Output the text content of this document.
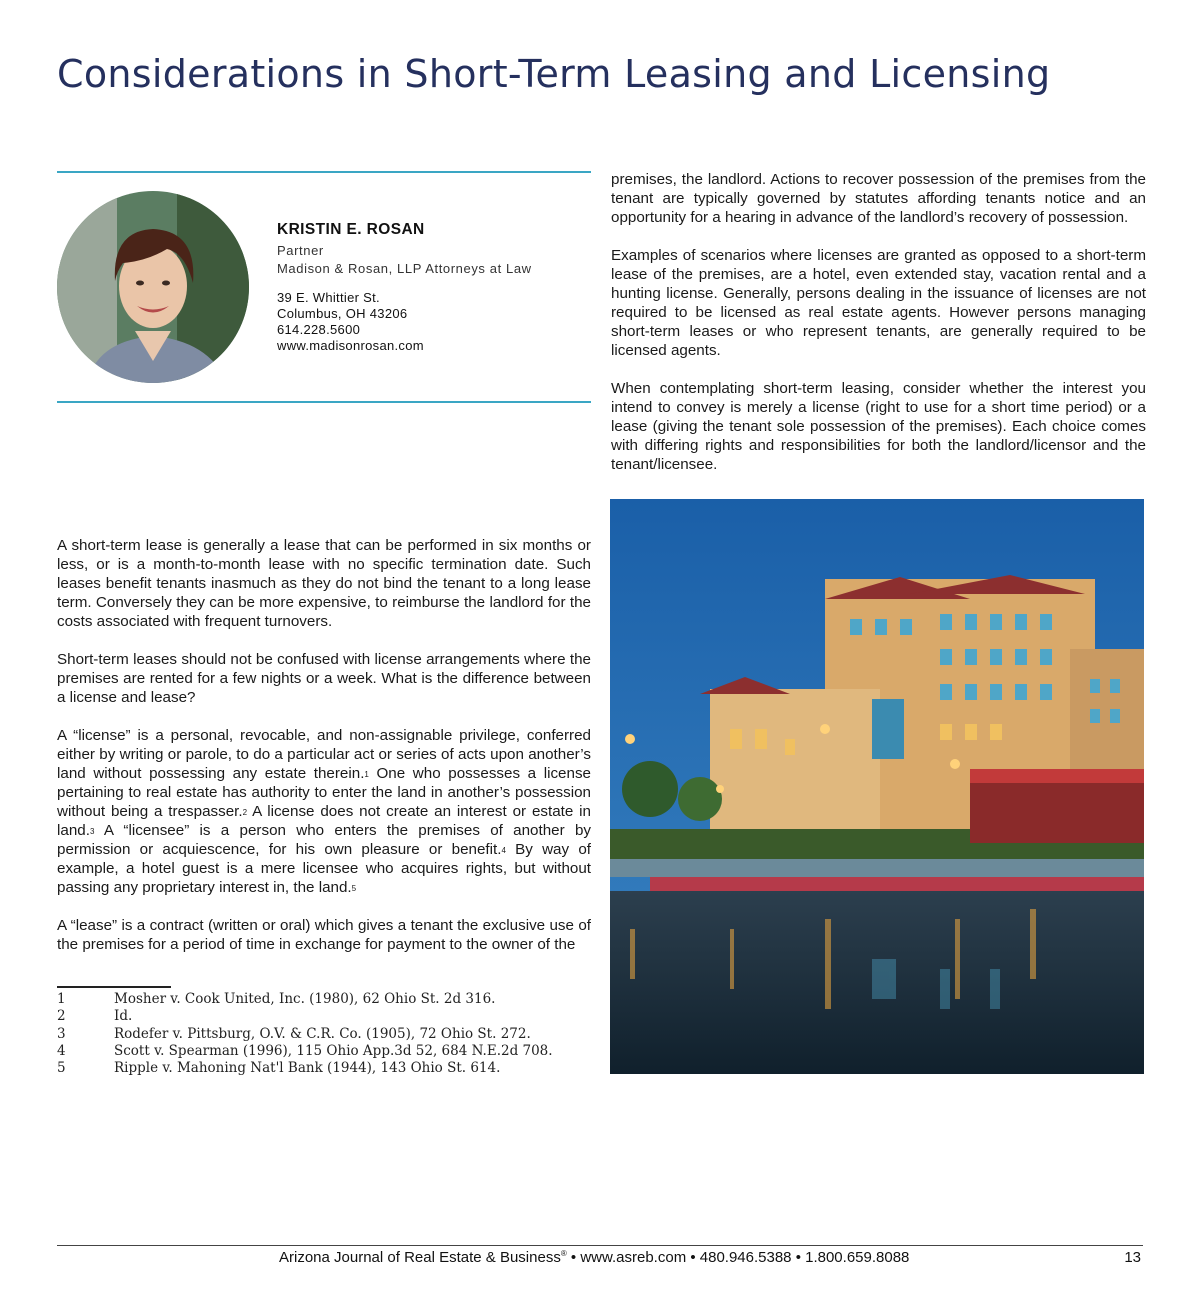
Considerations in Short-Term Leasing and Licensing
KRISTIN E. ROSAN
Partner
Madison & Rosan, LLP Attorneys at Law
39 E. Whittier St.
Columbus, OH 43206
614.228.5600
www.madisonrosan.com

A short-term lease is generally a lease that can be performed in six months or less, or is a month-to-month lease with no specific termination date. Such leases benefit tenants inasmuch as they do not bind the tenant to a long lease term. Conversely they can be more expensive, to reimburse the landlord for the costs associated with frequent turnovers.

Short-term leases should not be confused with license arrangements where the premises are rented for a few nights or a week. What is the difference between a license and lease?

A “license” is a personal, revocable, and non-assignable privilege, conferred either by writing or parole, to do a particular act or series of acts upon another’s land without possessing any estate therein.$^1$ One who possesses a license pertaining to real estate has authority to enter the land in another’s possession without being a trespasser.$^2$ A license does not create an interest or estate in land.$^3$ A “licensee” is a person who enters the premises of another by permission or acquiescence, for his own pleasure or benefit.$^4$ By way of example, a hotel guest is a mere licensee who acquires rights, but without passing any proprietary interest in, the land.$^5$

A “lease” is a contract (written or oral) which gives a tenant the exclusive use of the premises for a period of time in exchange for payment to the owner of the

1	Mosher v. Cook United, Inc. (1980), 62 Ohio St. 2d 316.
2	Id.
3	Rodefer v. Pittsburg, O.V. & C.R. Co. (1905), 72 Ohio St. 272.
4	Scott v. Spearman (1996), 115 Ohio App.3d 52, 684 N.E.2d 708.
5	Ripple v. Mahoning Nat'l Bank (1944), 143 Ohio St. 614.

premises, the landlord. Actions to recover possession of the premises from the tenant are typically governed by statutes affording tenants notice and an opportunity for a hearing in advance of the landlord’s recovery of possession.

Examples of scenarios where licenses are granted as opposed to a short-term lease of the premises, are a hotel, even extended stay, vacation rental and a hunting license. Generally, persons dealing in the issuance of licenses are not required to be licensed as real estate agents. However persons managing short-term leases or who represent tenants, are generally required to be licensed agents.

When contemplating short-term leasing, consider whether the interest you intend to convey is merely a license (right to use for a short time period) or a lease (giving the tenant sole possession of the premises). Each choice comes with differing rights and responsibilities for both the landlord/licensor and the tenant/licensee.

Arizona Journal of Real Estate & Business® • www.asreb.com • 480.946.5388 • 1.800.659.8088	13
